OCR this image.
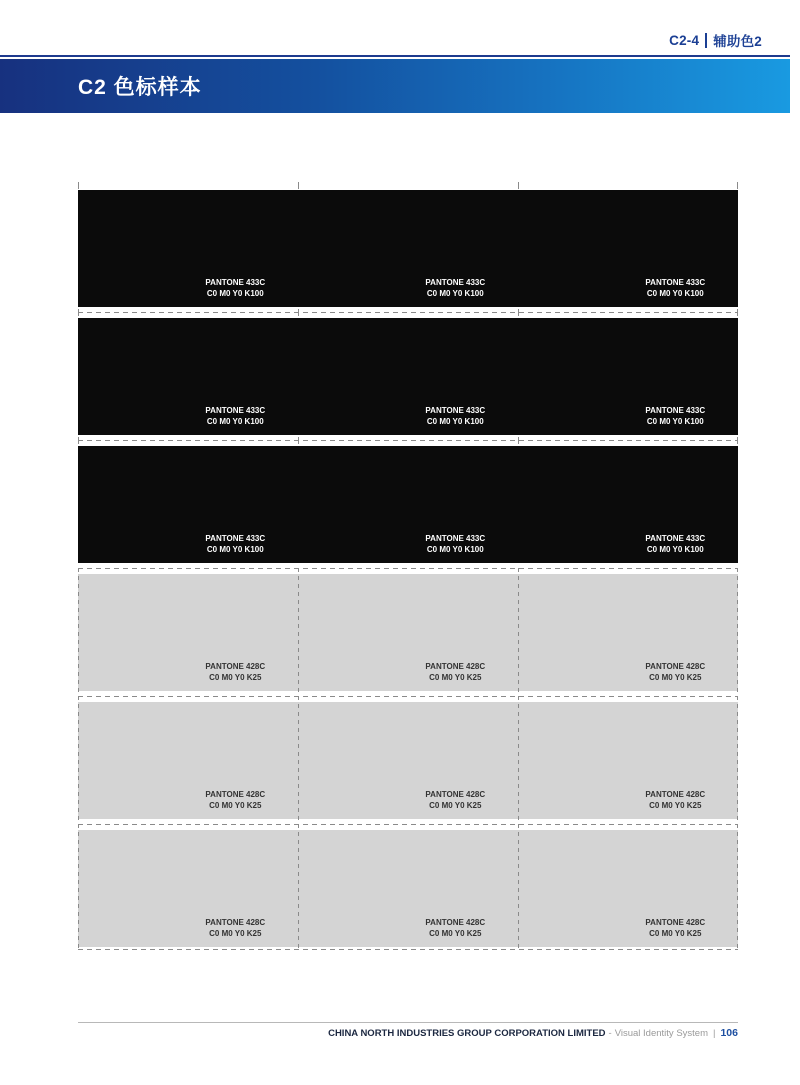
C2-4 辅助色2
C2 色标样本
PANTONE 433C
C0 M0 Y0 K100
PANTONE 433C
C0 M0 Y0 K100
PANTONE 433C
C0 M0 Y0 K100
PANTONE 433C
C0 M0 Y0 K100
PANTONE 433C
C0 M0 Y0 K100
PANTONE 433C
C0 M0 Y0 K100
PANTONE 433C
C0 M0 Y0 K100
PANTONE 433C
C0 M0 Y0 K100
PANTONE 433C
C0 M0 Y0 K100
PANTONE 428C
C0 M0 Y0 K25
PANTONE 428C
C0 M0 Y0 K25
PANTONE 428C
C0 M0 Y0 K25
PANTONE 428C
C0 M0 Y0 K25
PANTONE 428C
C0 M0 Y0 K25
PANTONE 428C
C0 M0 Y0 K25
PANTONE 428C
C0 M0 Y0 K25
PANTONE 428C
C0 M0 Y0 K25
PANTONE 428C
C0 M0 Y0 K25
CHINA NORTH INDUSTRIES GROUP CORPORATION LIMITED - Visual Identity System | 106
